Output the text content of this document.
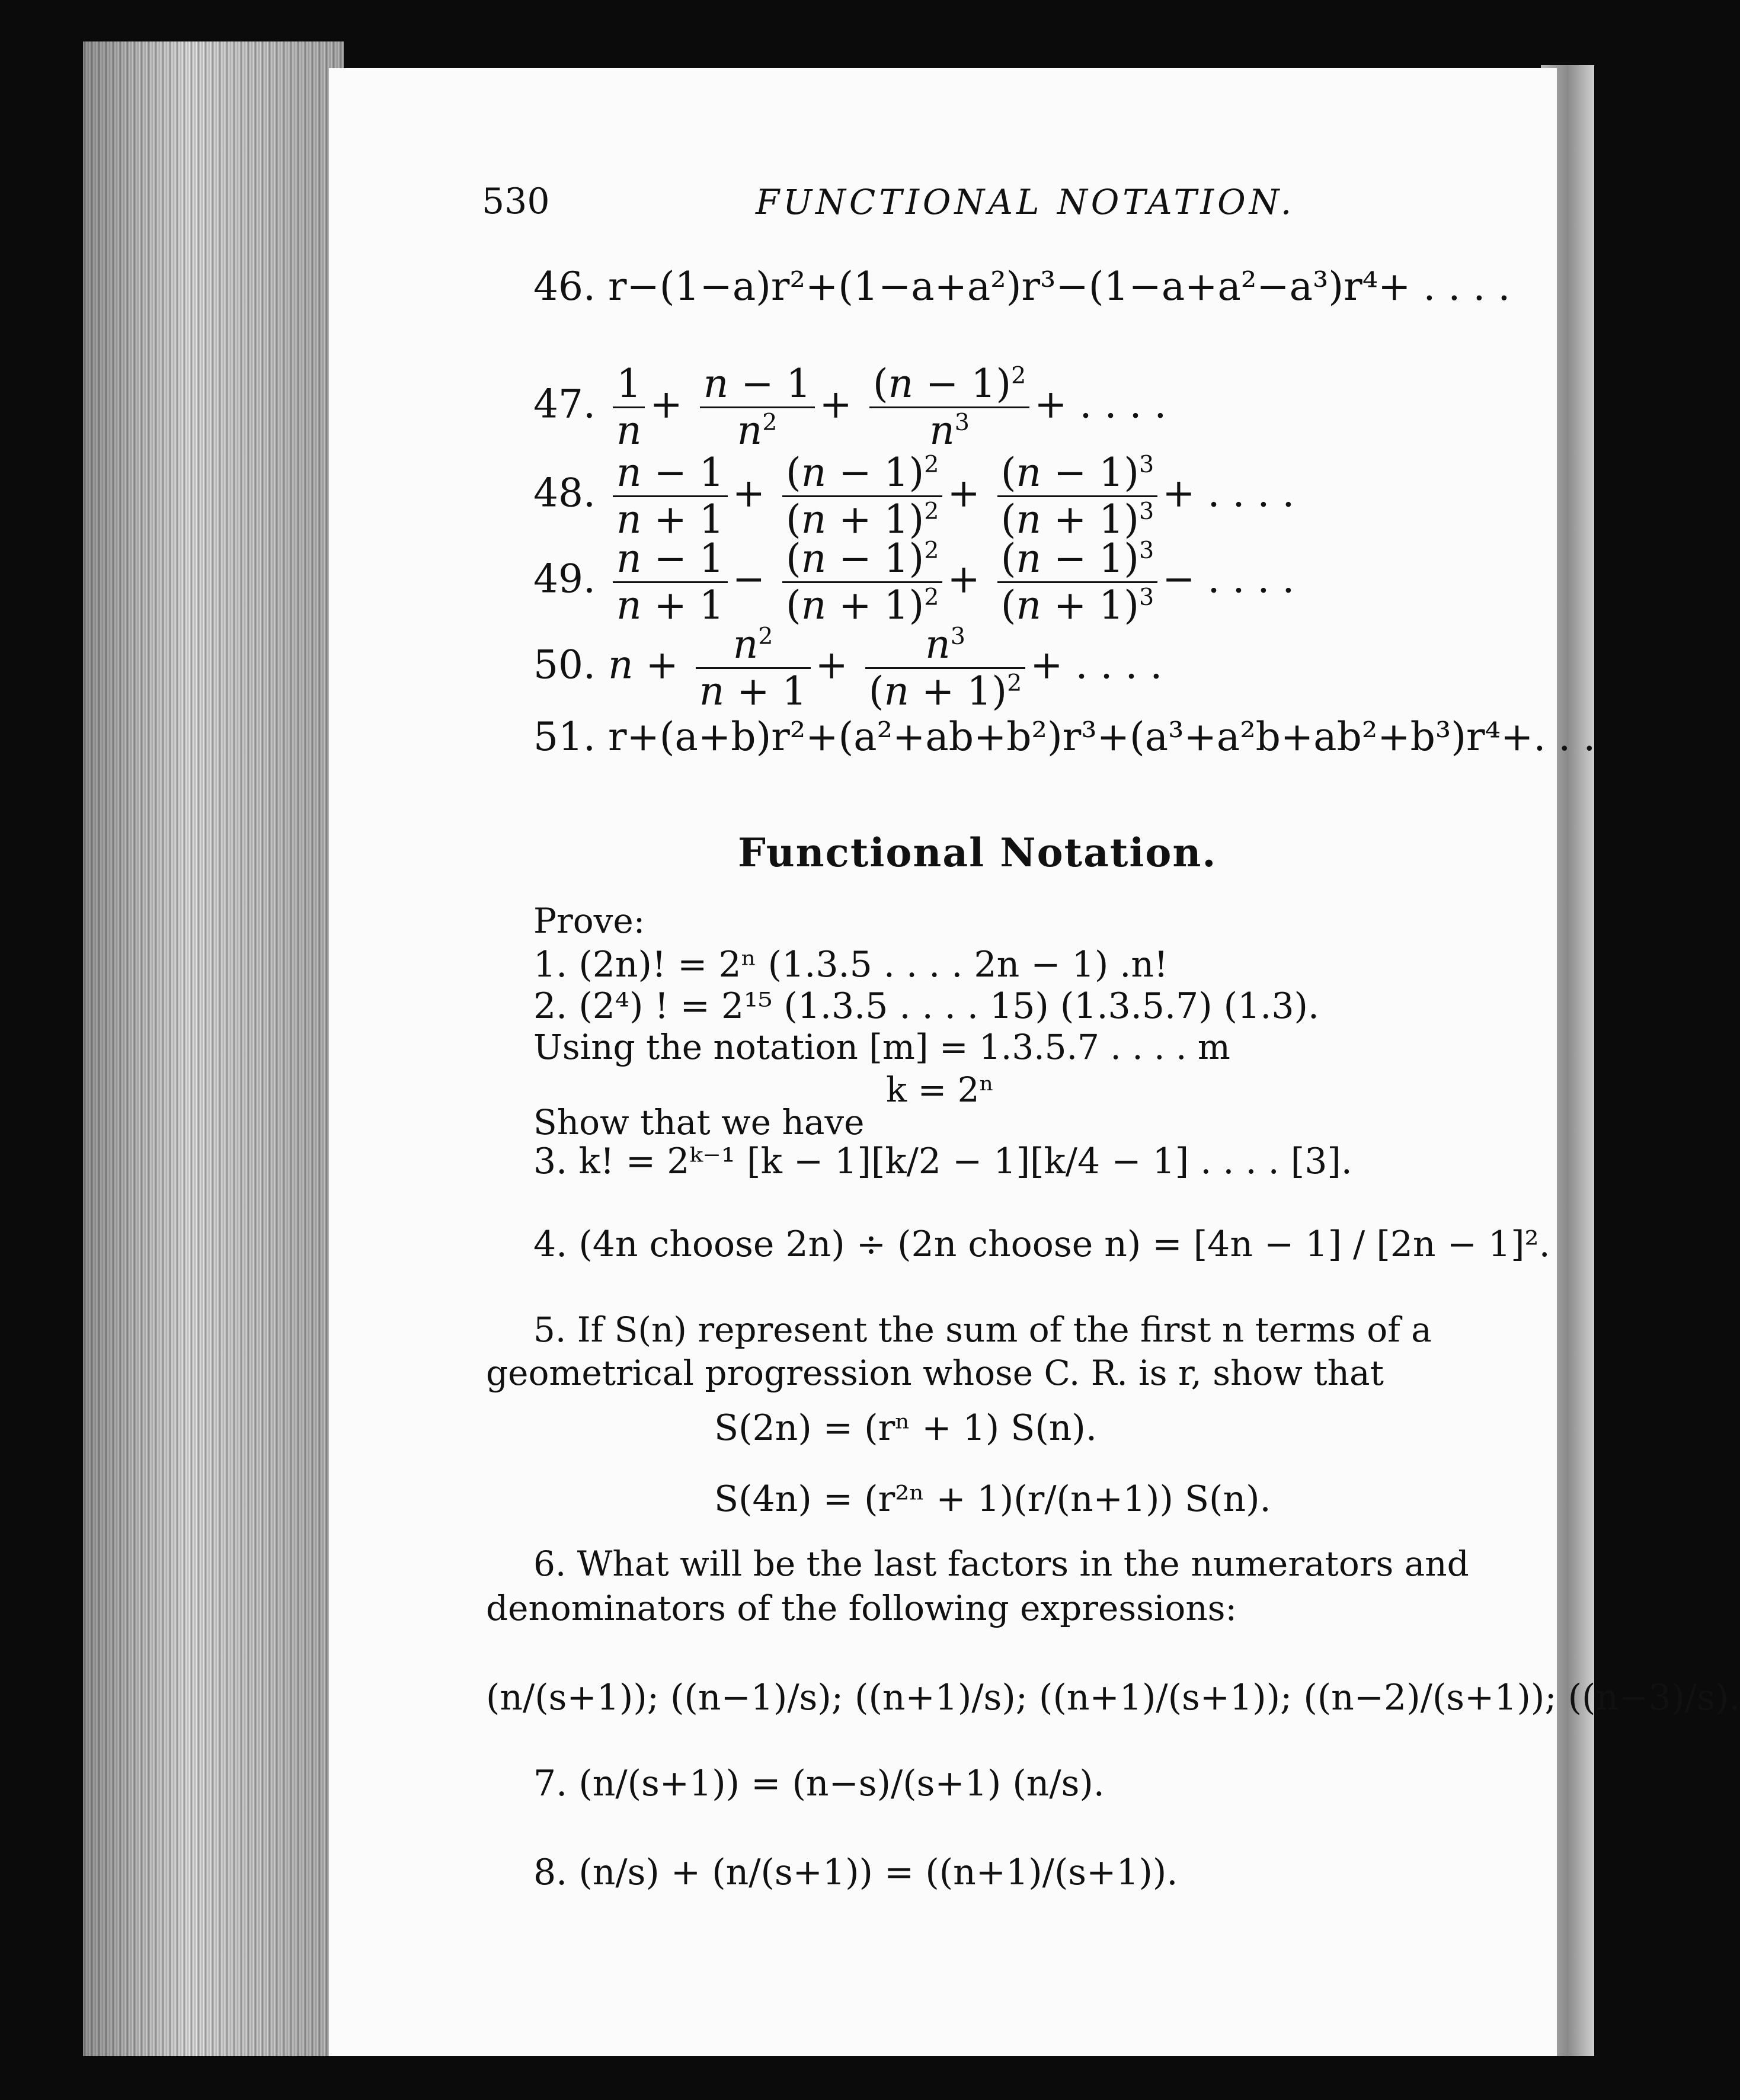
530	FUNCTIONAL NOTATION.
46. r−(1−a)r²+(1−a+a²)r³−(1−a+a²−a³)r⁴+ . . . .
47. $\frac{1}{n} + \frac{n - 1}{n^2} + \frac{(n - 1)^2}{n^3}$ + . . . .
48. $\frac{n - 1}{n + 1} + \frac{(n - 1)^2}{(n + 1)^2} + \frac{(n - 1)^3}{(n + 1)^3}$ + . . . .
49. $\frac{n - 1}{n + 1} - \frac{(n - 1)^2}{(n + 1)^2} + \frac{(n - 1)^3}{(n + 1)^3}$ − . . . .
50. $n + \frac{n^2}{n + 1} + \frac{n^3}{(n + 1)^2}$ + . . . .
51. r+(a+b)r²+(a²+ab+b²)r³+(a³+a²b+ab²+b³)r⁴+. . .
Functional Notation.
Prove:
1. (2n)! = 2ⁿ (1.3.5 . . . . 2n − 1) .n!
2. (2⁴) ! = 2¹⁵ (1.3.5 . . . . 15) (1.3.5.7) (1.3).
Using the notation [m] = 1.3.5.7 . . . . m
k = 2ⁿ
Show that we have
3. k! = 2ᵏ⁻¹ [k − 1][k/2 − 1][k/4 − 1] . . . . [3].
4. (4n choose 2n) ÷ (2n choose n) = [4n − 1] / [2n − 1]².
5. If S(n) represent the sum of the first n terms of a
geometrical progression whose C. R. is r, show that
S(2n) = (rⁿ + 1) S(n).
S(4n) = (r²ⁿ + 1)(r/(n+1)) S(n).
6. What will be the last factors in the numerators and
denominators of the following expressions:
(n/(s+1)); ((n−1)/s); ((n+1)/s); ((n+1)/(s+1)); ((n−2)/(s+1)); ((n−3)/s).
7. (n/(s+1)) = (n−s)/(s+1) (n/s).
8. (n/s) + (n/(s+1)) = ((n+1)/(s+1)).
